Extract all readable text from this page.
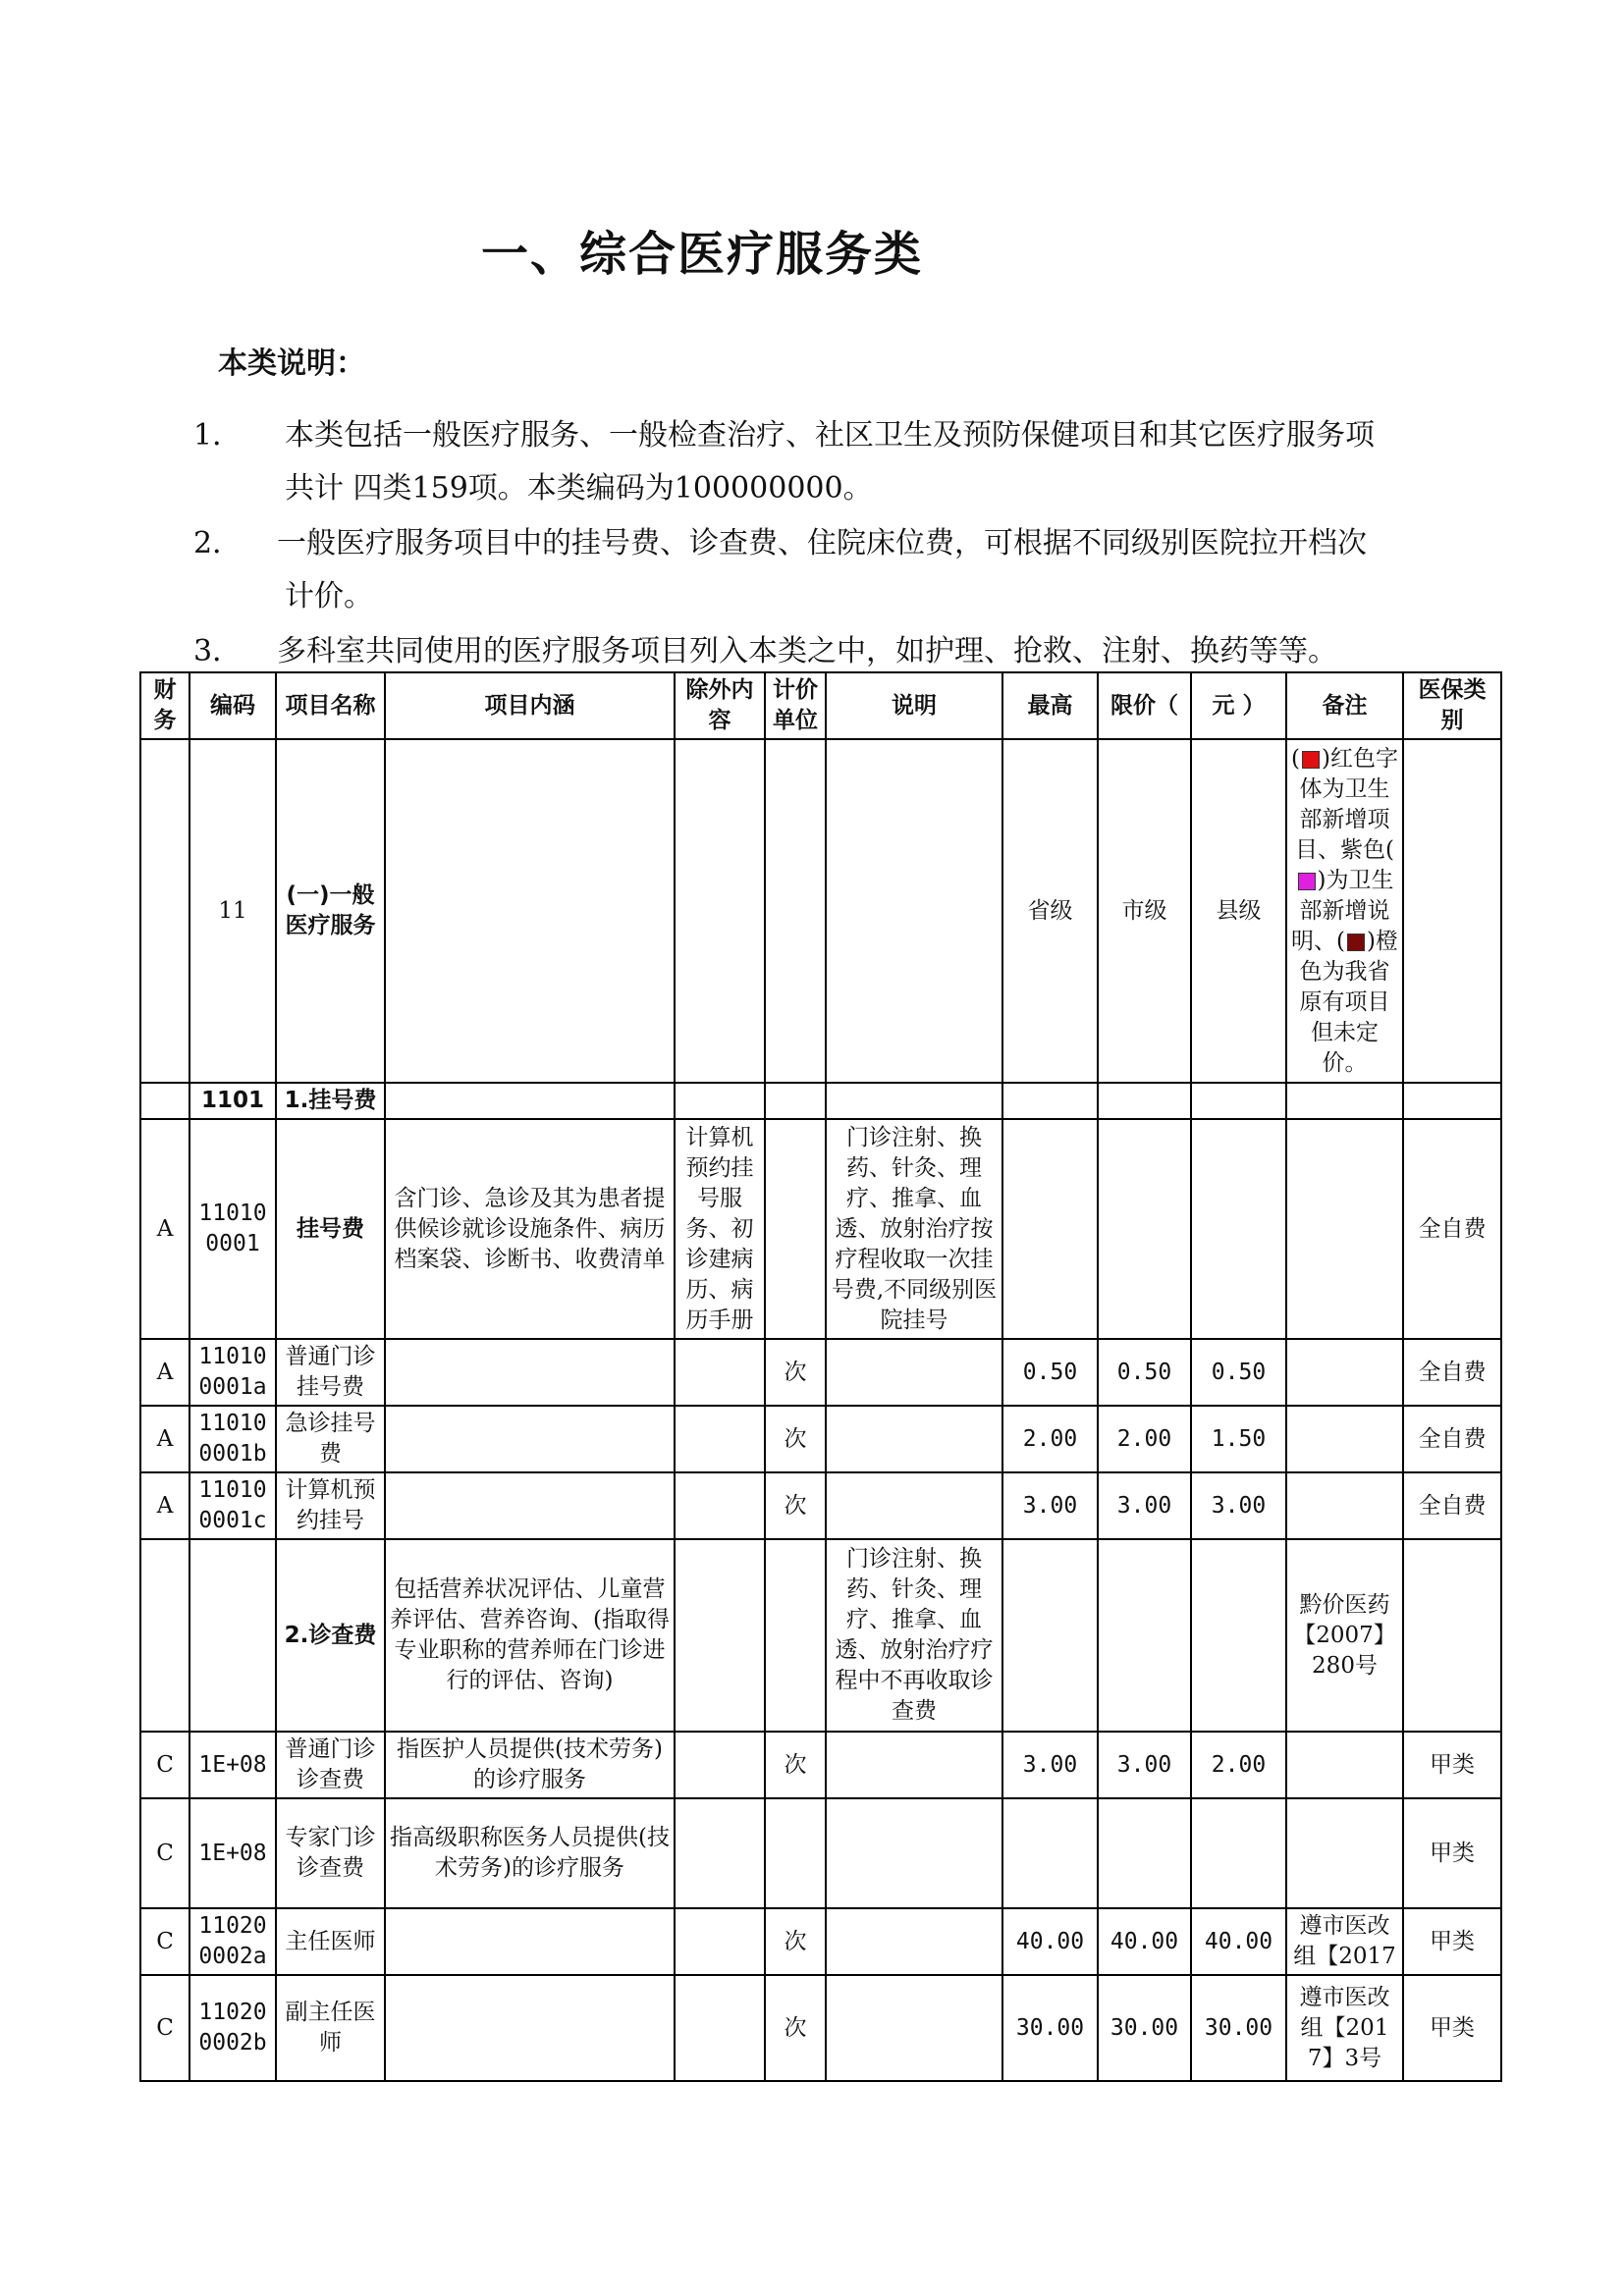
一、综合医疗服务类
本类说明：
1． 本类包括一般医疗服务、一般检查治疗、社区卫生及预防保健项目和其它医疗服务项
共计 四类159项。本类编码为100000000。
2． 一般医疗服务项目中的挂号费、诊查费、住院床位费，可根据不同级别医院拉开档次
计价。
3． 多科室共同使用的医疗服务项目列入本类之中，如护理、抢救、注射、换药等等。
财务	编码	项目名称	项目内涵	除外内容	计价单位	说明	最高	限价（	元 ）	备注	医保类别
	11	(一)一般医疗服务					省级	市级	县级	( )红色字体为卫生部新增项目、紫色()为卫生部新增说明、( )橙色为我省原有项目但未定价。	
	1101	1.挂号费									
A	110100001	挂号费	含门诊、急诊及其为患者提供候诊就诊设施条件、病历档案袋、诊断书、收费清单	计算机预约挂号服务、初诊建病历、病历手册		门诊注射、换药、针灸、理疗、推拿、血透、放射治疗按疗程收取一次挂号费,不同级别医院挂号					全自费
A	110100001a	普通门诊挂号费			次		0.50	0.50	0.50		全自费
A	110100001b	急诊挂号费			次		2.00	2.00	1.50		全自费
A	110100001c	计算机预约挂号			次		3.00	3.00	3.00		全自费
		2.诊查费	包括营养状况评估、儿童营养评估、营养咨询、(指取得专业职称的营养师在门诊进行的评估、咨询)			门诊注射、换药、针灸、理疗、推拿、血透、放射治疗疗程中不再收取诊查费				黔价医药【2007】280号	
C	1E+08	普通门诊诊查费	指医护人员提供(技术劳务)的诊疗服务		次		3.00	3.00	2.00		甲类
C	1E+08	专家门诊诊查费	指高级职称医务人员提供(技术劳务)的诊疗服务								甲类
C	110200002a	主任医师			次		40.00	40.00	40.00	遵市医改组【2017	甲类
C	110200002b	副主任医师			次		30.00	30.00	30.00	遵市医改组【2017】3号	甲类
